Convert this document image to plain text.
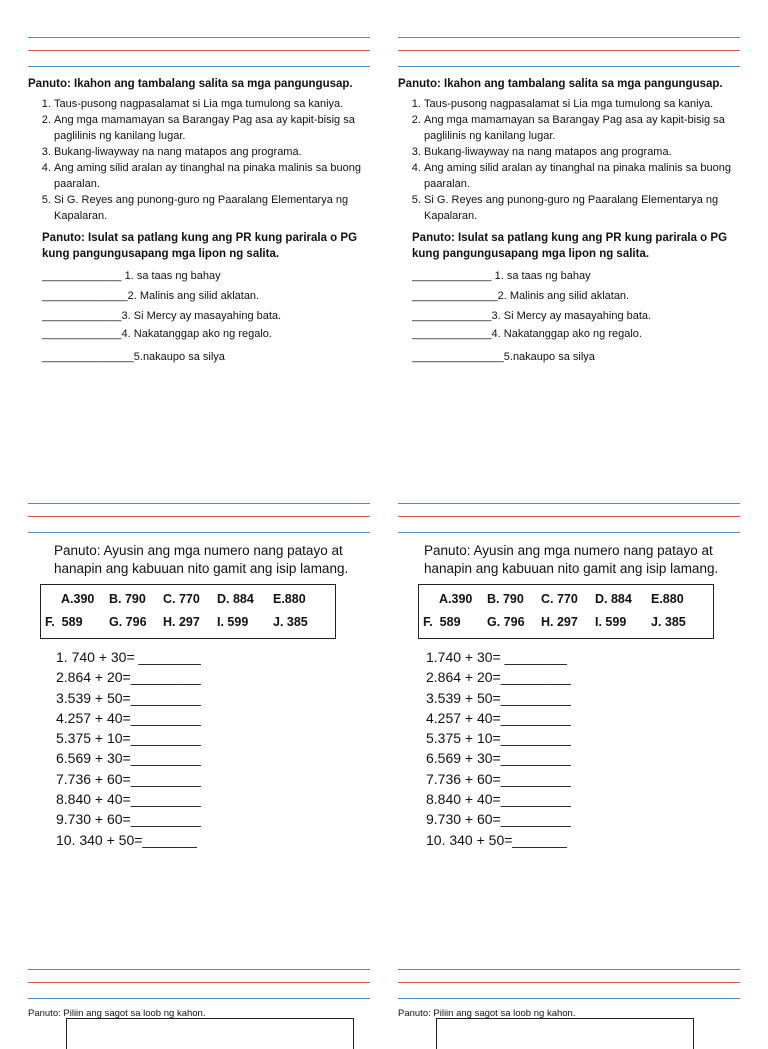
Panuto: Ikahon ang tambalang salita sa mga pangungusap.
1. Taus-pusong nagpasalamat si Lia mga tumulong sa kaniya.
2. Ang mga mamamayan sa Barangay Pag asa ay kapit-bisig sa paglilinis ng kanilang lugar.
3. Bukang-liwayway na nang matapos ang programa.
4. Ang aming silid aralan ay tinanghal na pinaka malinis sa buong paaralan.
5. Si G. Reyes ang punong-guro ng Paaralang Elementarya ng Kapalaran.
Panuto: Isulat sa patlang kung ang PR kung parirala o PG kung pangungusapang mga lipon ng salita.
_____________ 1. sa taas ng bahay
______________2. Malinis ang silid aklatan.
_____________3. Si Mercy ay masayahing bata.
_____________4. Nakatanggap ako ng regalo.
_______________5.nakaupo sa silya
Panuto: Ikahon ang tambalang salita sa mga pangungusap.
1. Taus-pusong nagpasalamat si Lia mga tumulong sa kaniya.
2. Ang mga mamamayan sa Barangay Pag asa ay kapit-bisig sa paglilinis ng kanilang lugar.
3. Bukang-liwayway na nang matapos ang programa.
4. Ang aming silid aralan ay tinanghal na pinaka malinis sa buong paaralan.
5. Si G. Reyes ang punong-guro ng Paaralang Elementarya ng Kapalaran.
Panuto: Isulat sa patlang kung ang PR kung parirala o PG kung pangungusapang mga lipon ng salita.
_____________ 1. sa taas ng bahay
______________2. Malinis ang silid aklatan.
_____________3. Si Mercy ay masayahing bata.
_____________4. Nakatanggap ako ng regalo.
_______________5.nakaupo sa silya
Panuto: Ayusin ang mga numero nang patayo at hanapin ang kabuuan nito gamit ang isip lamang.
A.390	B. 790	C. 770	D. 884	E.880
F.  589	G. 796	H. 297	I. 599	J. 385
1. 740 + 30= ________
2.864 + 20=_________
3.539 + 50=_________
4.257 + 40=_________
5.375 + 10=_________
6.569 + 30=_________
7.736 + 60=_________
8.840 + 40=_________
9.730 + 60=_________
10. 340 + 50=_______
Panuto: Ayusin ang mga numero nang patayo at hanapin ang kabuuan nito gamit ang isip lamang.
A.390	B. 790	C. 770	D. 884	E.880
F.  589	G. 796	H. 297	I. 599	J. 385
1.740 + 30= ________
2.864 + 20=_________
3.539 + 50=_________
4.257 + 40=_________
5.375 + 10=_________
6.569 + 30=_________
7.736 + 60=_________
8.840 + 40=_________
9.730 + 60=_________
10. 340 + 50=_______
Panuto: Piliin ang sagot sa loob ng kahon.	Panuto: Piliin ang sagot sa loob ng kahon.
